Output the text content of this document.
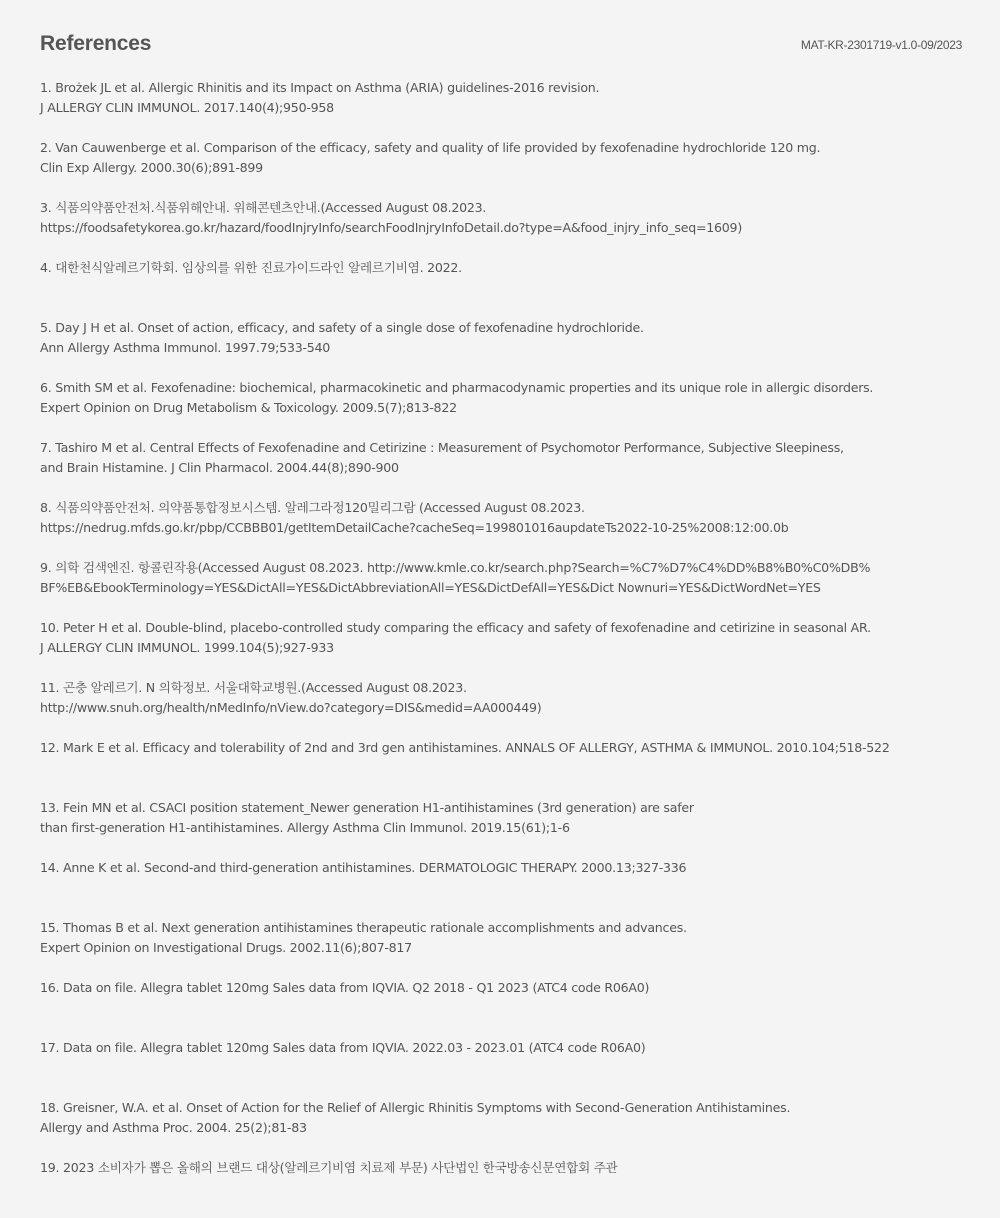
References	MAT-KR-2301719-v1.0-09/2023
1. Brożek JL et al. Allergic Rhinitis and its Impact on Asthma (ARIA) guidelines-2016 revision.
J ALLERGY CLIN IMMUNOL. 2017.140(4);950-958
2. Van Cauwenberge et al. Comparison of the efficacy, safety and quality of life provided by fexofenadine hydrochloride 120 mg.
Clin Exp Allergy. 2000.30(6);891-899
3. 식품의약품안전처.식품위해안내. 위해콘텐츠안내.(Accessed August 08.2023.
https://foodsafetykorea.go.kr/hazard/foodInjryInfo/searchFoodInjryInfoDetail.do?type=A&food_injry_info_seq=1609)
4. 대한천식알레르기학회. 임상의를 위한 진료가이드라인 알레르기비염. 2022.
5. Day J H et al. Onset of action, efficacy, and safety of a single dose of fexofenadine hydrochloride.
Ann Allergy Asthma Immunol. 1997.79;533-540
6. Smith SM et al. Fexofenadine: biochemical, pharmacokinetic and pharmacodynamic properties and its unique role in allergic disorders.
Expert Opinion on Drug Metabolism & Toxicology. 2009.5(7);813-822
7. Tashiro M et al. Central Effects of Fexofenadine and Cetirizine : Measurement of Psychomotor Performance, Subjective Sleepiness,
and Brain Histamine. J Clin Pharmacol. 2004.44(8);890-900
8. 식품의약품안전처. 의약품통합정보시스템. 알레그라정120밀리그람 (Accessed August 08.2023.
https://nedrug.mfds.go.kr/pbp/CCBBB01/getItemDetailCache?cacheSeq=199801016aupdateTs2022-10-25%2008:12:00.0b
9. 의학 검색엔진. 항콜린작용(Accessed August 08.2023. http://www.kmle.co.kr/search.php?Search=%C7%D7%C4%DD%B8%B0%C0%DB%
BF%EB&EbookTerminology=YES&DictAll=YES&DictAbbreviationAll=YES&DictDefAll=YES&Dict Nownuri=YES&DictWordNet=YES
10. Peter H et al. Double-blind, placebo-controlled study comparing the efficacy and safety of fexofenadine and cetirizine in seasonal AR.
J ALLERGY CLIN IMMUNOL. 1999.104(5);927-933
11. 곤충 알레르기. N 의학정보. 서울대학교병원.(Accessed August 08.2023.
http://www.snuh.org/health/nMedInfo/nView.do?category=DIS&medid=AA000449)
12. Mark E et al. Efficacy and tolerability of 2nd and 3rd gen antihistamines. ANNALS OF ALLERGY, ASTHMA & IMMUNOL. 2010.104;518-522
13. Fein MN et al. CSACI position statement_Newer generation H1-antihistamines (3rd generation) are safer
than first-generation H1-antihistamines. Allergy Asthma Clin Immunol. 2019.15(61);1-6
14. Anne K et al. Second-and third-generation antihistamines. DERMATOLOGIC THERAPY. 2000.13;327-336
15. Thomas B et al. Next generation antihistamines therapeutic rationale accomplishments and advances.
Expert Opinion on Investigational Drugs. 2002.11(6);807-817
16. Data on file. Allegra tablet 120mg Sales data from IQVIA. Q2 2018 - Q1 2023 (ATC4 code R06A0)
17. Data on file. Allegra tablet 120mg Sales data from IQVIA. 2022.03 - 2023.01 (ATC4 code R06A0)
18. Greisner, W.A. et al. Onset of Action for the Relief of Allergic Rhinitis Symptoms with Second-Generation Antihistamines.
Allergy and Asthma Proc. 2004. 25(2);81-83
19. 2023 소비자가 뽑은 올해의 브랜드 대상(알레르기비염 치료제 부문) 사단법인 한국방송신문연합회 주관
